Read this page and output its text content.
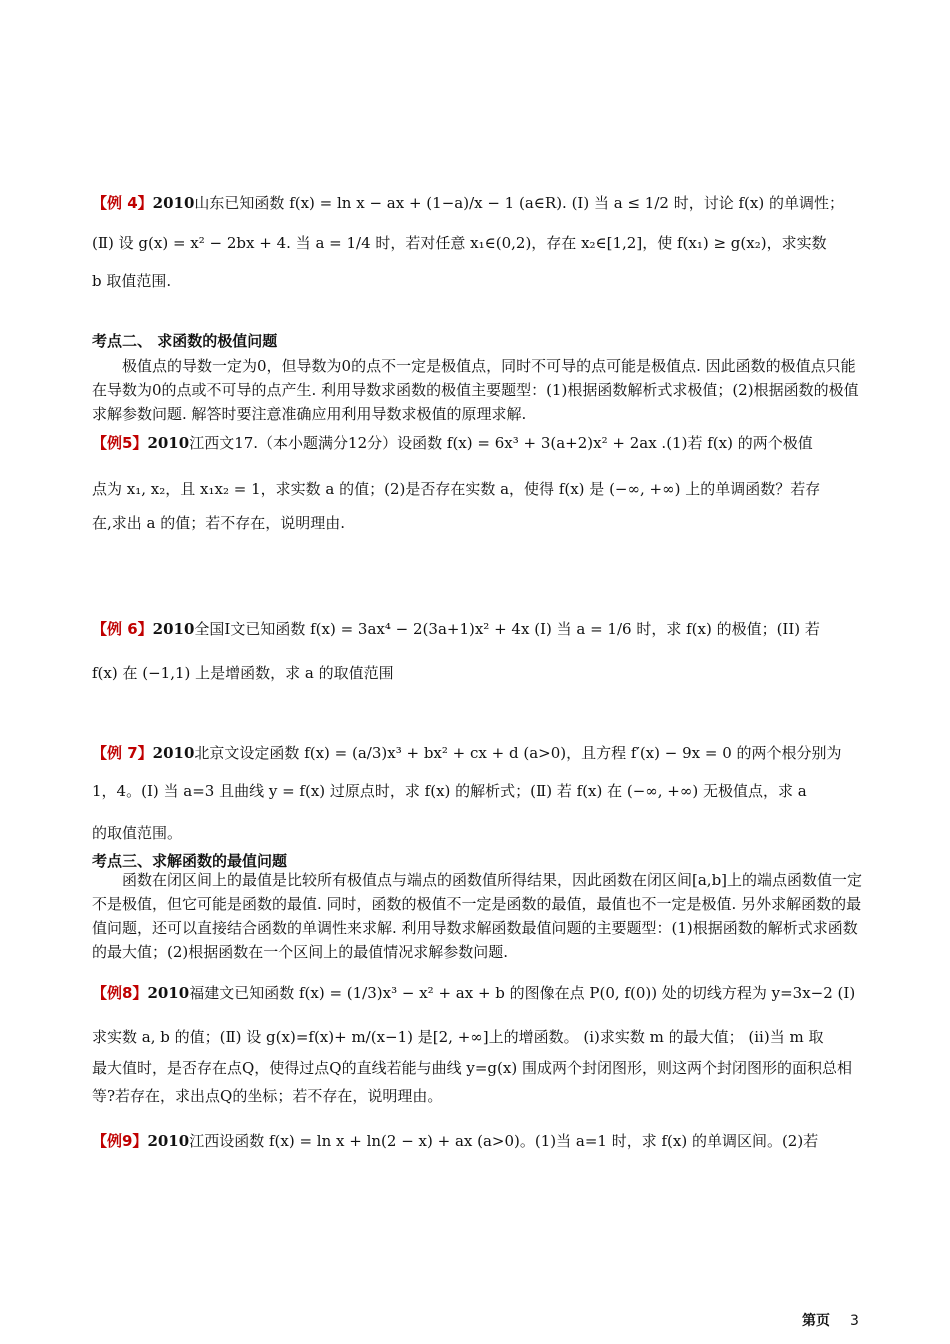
【例 4】2010山东已知函数 f(x) = ln x − ax + (1−a)/x − 1 (a∈R). (Ⅰ) 当 a ≤ 1/2 时，讨论 f(x) 的单调性；
(Ⅱ) 设 g(x) = x² − 2bx + 4. 当 a = 1/4 时，若对任意 x₁∈(0,2)，存在 x₂∈[1,2]，使 f(x₁) ≥ g(x₂)，求实数
b 取值范围.
考点二、 求函数的极值问题
极值点的导数一定为0，但导数为0的点不一定是极值点，同时不可导的点可能是极值点. 因此函数的极值点只能在导数为0的点或不可导的点产生. 利用导数求函数的极值主要题型：(1)根据函数解析式求极值；(2)根据函数的极值求解参数问题. 解答时要注意准确应用利用导数求极值的原理求解.
【例5】2010江西文17.（本小题满分12分）设函数 f(x) = 6x³ + 3(a+2)x² + 2ax .(1)若 f(x) 的两个极值
点为 x₁, x₂，且 x₁x₂ = 1，求实数 a 的值；(2)是否存在实数 a，使得 f(x) 是 (−∞, +∞) 上的单调函数？若存
在,求出 a 的值；若不存在，说明理由.
【例 6】2010全国Ⅰ文已知函数 f(x) = 3ax⁴ − 2(3a+1)x² + 4x (I) 当 a = 1/6 时，求 f(x) 的极值；(II) 若
f(x) 在 (−1,1) 上是增函数，求 a 的取值范围
【例 7】2010北京文设定函数 f(x) = (a/3)x³ + bx² + cx + d (a>0)，且方程 f′(x) − 9x = 0 的两个根分别为
1，4。(Ⅰ) 当 a=3 且曲线 y = f(x) 过原点时，求 f(x) 的解析式；(Ⅱ) 若 f(x) 在 (−∞, +∞) 无极值点，求 a
的取值范围。
考点三、求解函数的最值问题
函数在闭区间上的最值是比较所有极值点与端点的函数值所得结果，因此函数在闭区间[a,b]上的端点函数值一定不是极值，但它可能是函数的最值. 同时，函数的极值不一定是函数的最值，最值也不一定是极值. 另外求解函数的最值问题，还可以直接结合函数的单调性来求解. 利用导数求解函数最值问题的主要题型：(1)根据函数的解析式求函数的最大值；(2)根据函数在一个区间上的最值情况求解参数问题.
【例8】2010福建文已知函数 f(x) = (1/3)x³ − x² + ax + b 的图像在点 P(0, f(0)) 处的切线方程为 y=3x−2 (Ⅰ)
求实数 a, b 的值；(Ⅱ) 设 g(x)=f(x)+ m/(x−1) 是[2, +∞]上的增函数。 (i)求实数 m 的最大值； (ii)当 m 取
最大值时，是否存在点Q，使得过点Q的直线若能与曲线 y=g(x) 围成两个封闭图形，则这两个封闭图形的面积总相等?若存在，求出点Q的坐标；若不存在，说明理由。
【例9】2010江西设函数 f(x) = ln x + ln(2 − x) + ax (a>0)。(1)当 a=1 时，求 f(x) 的单调区间。(2)若
第页 3
